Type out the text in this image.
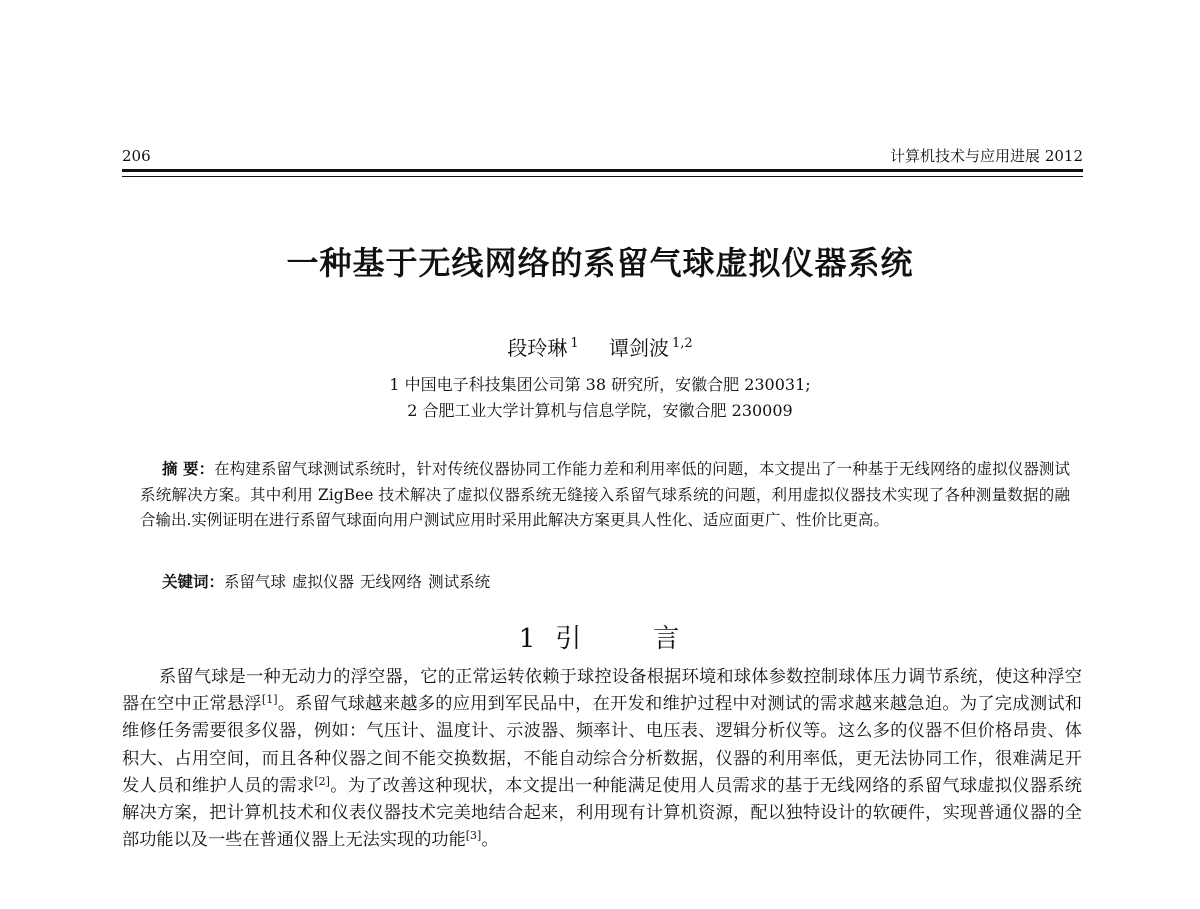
206	计算机技术与应用进展 2012
一种基于无线网络的系留气球虚拟仪器系统
段玲琳 $^1$ 谭剑波 $^{1,2}$
1 中国电子科技集团公司第 38 研究所，安徽合肥 230031;
2 合肥工业大学计算机与信息学院，安徽合肥 230009
摘 要：在构建系留气球测试系统时，针对传统仪器协同工作能力差和利用率低的问题，本文提出了一种基于无线网络的虚拟仪器测试系统解决方案。其中利用 ZigBee 技术解决了虚拟仪器系统无缝接入系留气球系统的问题，利用虚拟仪器技术实现了各种测量数据的融合输出.实例证明在进行系留气球面向用户测试应用时采用此解决方案更具人性化、适应面更广、性价比更高。
关键词：系留气球 虚拟仪器 无线网络 测试系统
1 引	言
系留气球是一种无动力的浮空器，它的正常运转依赖于球控设备根据环境和球体参数控制球体压力调节系统，使这种浮空器在空中正常悬浮[1]。系留气球越来越多的应用到军民品中，在开发和维护过程中对测试的需求越来越急迫。为了完成测试和维修任务需要很多仪器，例如：气压计、温度计、示波器、频率计、电压表、逻辑分析仪等。这么多的仪器不但价格昂贵、体积大、占用空间，而且各种仪器之间不能交换数据，不能自动综合分析数据，仪器的利用率低，更无法协同工作，很难满足开发人员和维护人员的需求[2]。为了改善这种现状，本文提出一种能满足使用人员需求的基于无线网络的系留气球虚拟仪器系统解决方案，把计算机技术和仪表仪器技术完美地结合起来，利用现有计算机资源，配以独特设计的软硬件，实现普通仪器的全部功能以及一些在普通仪器上无法实现的功能[3]。
